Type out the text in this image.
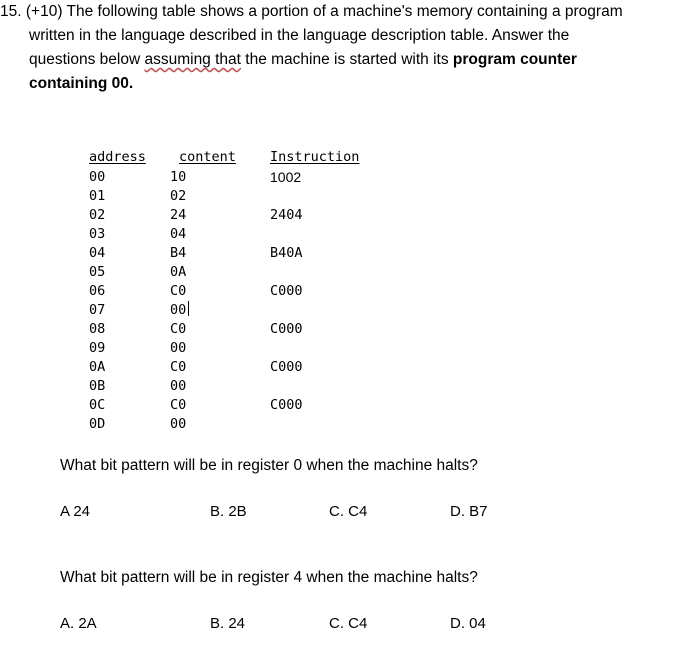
15. (+10) The following table shows a portion of a machine's memory containing a program
written in the language described in the language description table. Answer the
questions below assuming that the machine is started with its program counter
containing 00.
address content	Instruction
00	10	1002
01	02
02	24	2404
03	04
04	B4	B40A
05	0A
06	C0	C000
07	00
08	C0	C000
09	00
0A	C0	C000
0B	00
0C	C0	C000
0D	00
What bit pattern will be in register 0 when the machine halts?
A 24	B. 2B	C. C4	D. B7
What bit pattern will be in register 4 when the machine halts?
A. 2A	B. 24	C. C4	D. 04
